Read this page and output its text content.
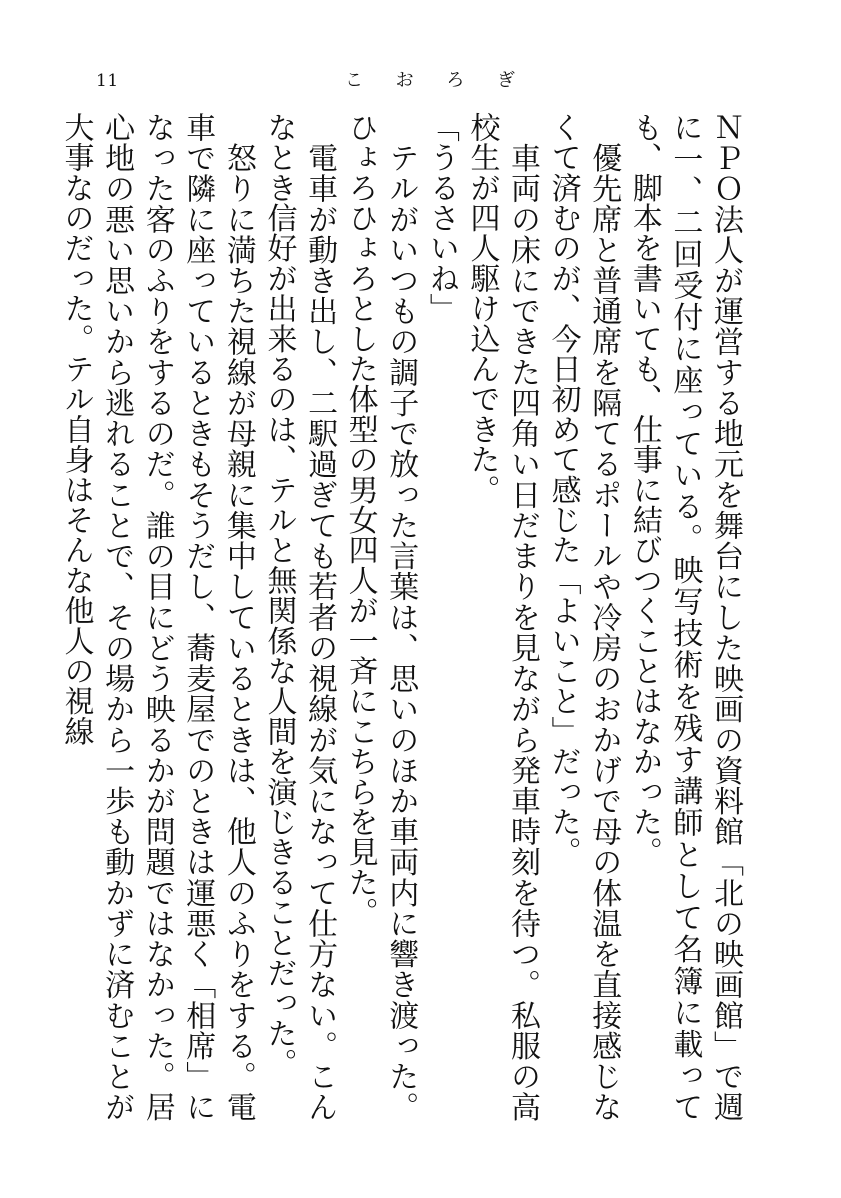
11	こ お ろ ぎ

ＮＰＯ法人が運営する地元を舞台にした映画の資料館「北の映画館」で週に一、二回受付に座っている。映写技術を残す講師として名簿に載っても、脚本を書いても、仕事に結びつくことはなかった。

　優先席と普通席を隔てるポールや冷房のおかげで母の体温を直接感じなくて済むのが、今日初めて感じた「よいこと」だった。

　車両の床にできた四角い日だまりを見ながら発車時刻を待つ。私服の高校生が四人駆け込んできた。

「うるさいね」

　テルがいつもの調子で放った言葉は、思いのほか車両内に響き渡った。ひょろひょろとした体型の男女四人が一斉にこちらを見た。

　電車が動き出し、二駅過ぎても若者の視線が気になって仕方ない。こんなとき信好が出来るのは、テルと無関係な人間を演じきることだった。

　怒りに満ちた視線が母親に集中しているときは、他人のふりをする。電車で隣に座っているときもそうだし、蕎麦屋でのときは運悪く「相席」になった客のふりをするのだ。誰の目にどう映るかが問題ではなかった。居心地の悪い思いから逃れることで、その場から一歩も動かずに済むことが大事なのだった。テル自身はそんな他人の視線
